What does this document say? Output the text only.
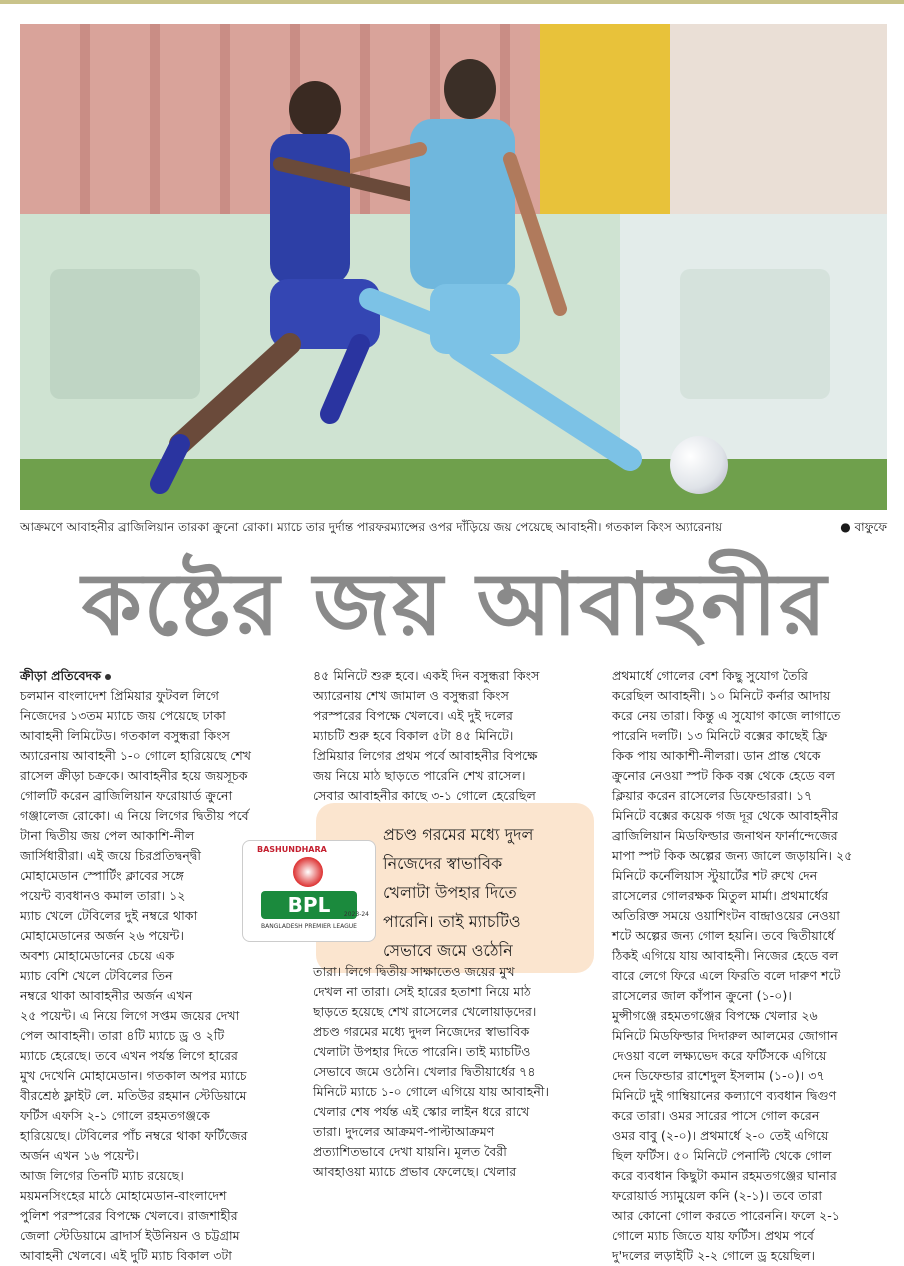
আক্রমণে আবাহনীর ব্রাজিলিয়ান তারকা ক্রুনো রোকা। ম্যাচে তার দুর্দান্ত পারফরম্যান্সের ওপর দাঁড়িয়ে জয় পেয়েছে আবাহনী। গতকাল কিংস অ্যারেনায়	● বাফুফে
কষ্টের জয় আবাহনীর

ক্রীড়া প্রতিবেদক

চলমান বাংলাদেশ প্রিমিয়ার ফুটবল লিগে
নিজেদের ১৩তম ম্যাচে জয় পেয়েছে ঢাকা
আবাহনী লিমিটেড। গতকাল বসুন্ধরা কিংস
অ্যারেনায় আবাহনী ১-০ গোলে হারিয়েছে শেখ
রাসেল ক্রীড়া চক্রকে। আবাহনীর হয়ে জয়সূচক
গোলটি করেন ব্রাজিলিয়ান ফরোয়ার্ড ক্রুনো
গঞ্জালেজ রোকো। এ নিয়ে লিগের দ্বিতীয় পর্বে
টানা দ্বিতীয় জয় পেল আকাশি-নীল
জার্সিধারীরা। এই জয়ে চিরপ্রতিদ্বন্দ্বী
মোহামেডান স্পোর্টিং ক্লাবের সঙ্গে
পয়েন্ট ব্যবধানও কমাল তারা। ১২
ম্যাচ খেলে টেবিলের দুই নম্বরে থাকা
মোহামেডানের অর্জন ২৬ পয়েন্ট।
অবশ্য মোহামেডানের চেয়ে এক
ম্যাচ বেশি খেলে টেবিলের তিন
নম্বরে থাকা আবাহনীর অর্জন এখন
২৫ পয়েন্ট। এ নিয়ে লিগে সপ্তম জয়ের দেখা
পেল আবাহনী। তারা ৪টি ম্যাচে ড্র ও ২টি
ম্যাচে হেরেছে। তবে এখন পর্যন্ত লিগে হারের
মুখ দেখেনি মোহামেডান। গতকাল অপর ম্যাচে
বীরশ্রেষ্ঠ ফ্লাইট লে. মতিউর রহমান স্টেডিয়ামে
ফর্টিস এফসি ২-১ গোলে রহমতগঞ্জকে
হারিয়েছে। টেবিলের পাঁচ নম্বরে থাকা ফর্টিজের
অর্জন এখন ১৬ পয়েন্ট।
আজ লিগের তিনটি ম্যাচ রয়েছে।
ময়মনসিংহের মাঠে মোহামেডান-বাংলাদেশ
পুলিশ পরস্পরের বিপক্ষে খেলবে। রাজশাহীর
জেলা স্টেডিয়ামে ব্রাদার্স ইউনিয়ন ও চট্টগ্রাম
আবাহনী খেলবে। এই দুটি ম্যাচ বিকাল ৩টা

৪৫ মিনিটে শুরু হবে। একই দিন বসুন্ধরা কিংস
অ্যারেনায় শেখ জামাল ও বসুন্ধরা কিংস
পরস্পরের বিপক্ষে খেলবে। এই দুই দলের
ম্যাচটি শুরু হবে বিকাল ৫টা ৪৫ মিনিটে।
প্রিমিয়ার লিগের প্রথম পর্বে আবাহনীর বিপক্ষে
জয় নিয়ে মাঠ ছাড়তে পারেনি শেখ রাসেল।
সেবার আবাহনীর কাছে ৩-১ গোলে হেরেছিল

প্রচণ্ড গরমের মধ্যে দুদল
নিজেদের স্বাভাবিক
খেলাটা উপহার দিতে
পারেনি। তাই ম্যাচটিও
সেভাবে জমে ওঠেনি
BASHUNDHARA
BPL	2023-24
BANGLADESH PREMIER LEAGUE

তারা। লিগে দ্বিতীয় সাক্ষাতেও জয়ের মুখ
দেখল না তারা। সেই হারের হতাশা নিয়ে মাঠ
ছাড়তে হয়েছে শেখ রাসেলের খেলোয়াড়দের।
প্রচণ্ড গরমের মধ্যে দুদল নিজেদের স্বাভাবিক
খেলাটা উপহার দিতে পারেনি। তাই ম্যাচটিও
সেভাবে জমে ওঠেনি। খেলার দ্বিতীয়ার্ধের ৭৪
মিনিটে ম্যাচে ১-০ গোলে এগিয়ে যায় আবাহনী।
খেলার শেষ পর্যন্ত এই স্কোর লাইন ধরে রাখে
তারা। দুদলের আক্রমণ-পাল্টাআক্রমণ
প্রত্যাশিতভাবে দেখা যায়নি। মূলত বৈরী
আবহাওয়া ম্যাচে প্রভাব ফেলেছে। খেলার

প্রথমার্ধে গোলের বেশ কিছু সুযোগ তৈরি
করেছিল আবাহনী। ১০ মিনিটে কর্নার আদায়
করে নেয় তারা। কিন্তু এ সুযোগ কাজে লাগাতে
পারেনি দলটি। ১৩ মিনিটে বক্সের কাছেই ফ্রি
কিক পায় আকাশী-নীলরা। ডান প্রান্ত থেকে
ক্রুনোর নেওয়া স্পট কিক বক্স থেকে হেডে বল
ক্লিয়ার করেন রাসেলের ডিফেন্ডাররা। ১৭
মিনিটে বক্সের কয়েক গজ দূর থেকে আবাহনীর
ব্রাজিলিয়ান মিডফিল্ডার জনাথন ফার্নান্দেজের
মাপা স্পট কিক অল্পের জন্য জালে জড়ায়নি। ২৫
মিনিটে কর্নেলিয়াস স্টুয়ার্টের শট রুখে দেন
রাসেলের গোলরক্ষক মিতুল মার্মা। প্রথমার্ধের
অতিরিক্ত সময়ে ওয়াশিংটন বান্দ্রাওয়ের নেওয়া
শটে অল্পের জন্য গোল হয়নি। তবে দ্বিতীয়ার্ধে
ঠিকই এগিয়ে যায় আবাহনী। নিজের হেডে বল
বারে লেগে ফিরে এলে ফিরতি বলে দারুণ শটে
রাসেলের জাল কাঁপান ক্রুনো (১-০)।
মুন্সীগঞ্জে রহমতগঞ্জের বিপক্ষে খেলার ২৬
মিনিটে মিডফিল্ডার দিদারুল আলমের জোগান
দেওয়া বলে লক্ষ্যভেদ করে ফর্টিসকে এগিয়ে
দেন ডিফেন্ডার রাশেদুল ইসলাম (১-০)। ৩৭
মিনিটে দুই গাম্বিয়ানের কল্যাণে ব্যবধান দ্বিগুণ
করে তারা। ওমর সারের পাসে গোল করেন
ওমর বাবু (২-০)। প্রথমার্ধে ২-০ তেই এগিয়ে
ছিল ফর্টিস। ৫০ মিনিটে পেনাল্টি থেকে গোল
করে ব্যবধান কিছুটা কমান রহমতগঞ্জের ঘানার
ফরোয়ার্ড স্যামুয়েল কনি (২-১)। তবে তারা
আর কোনো গোল করতে পারেননি। ফলে ২-১
গোলে ম্যাচ জিতে যায় ফর্টিস। প্রথম পর্বে
দু'দলের লড়াইটি ২-২ গোলে ড্র হয়েছিল।
